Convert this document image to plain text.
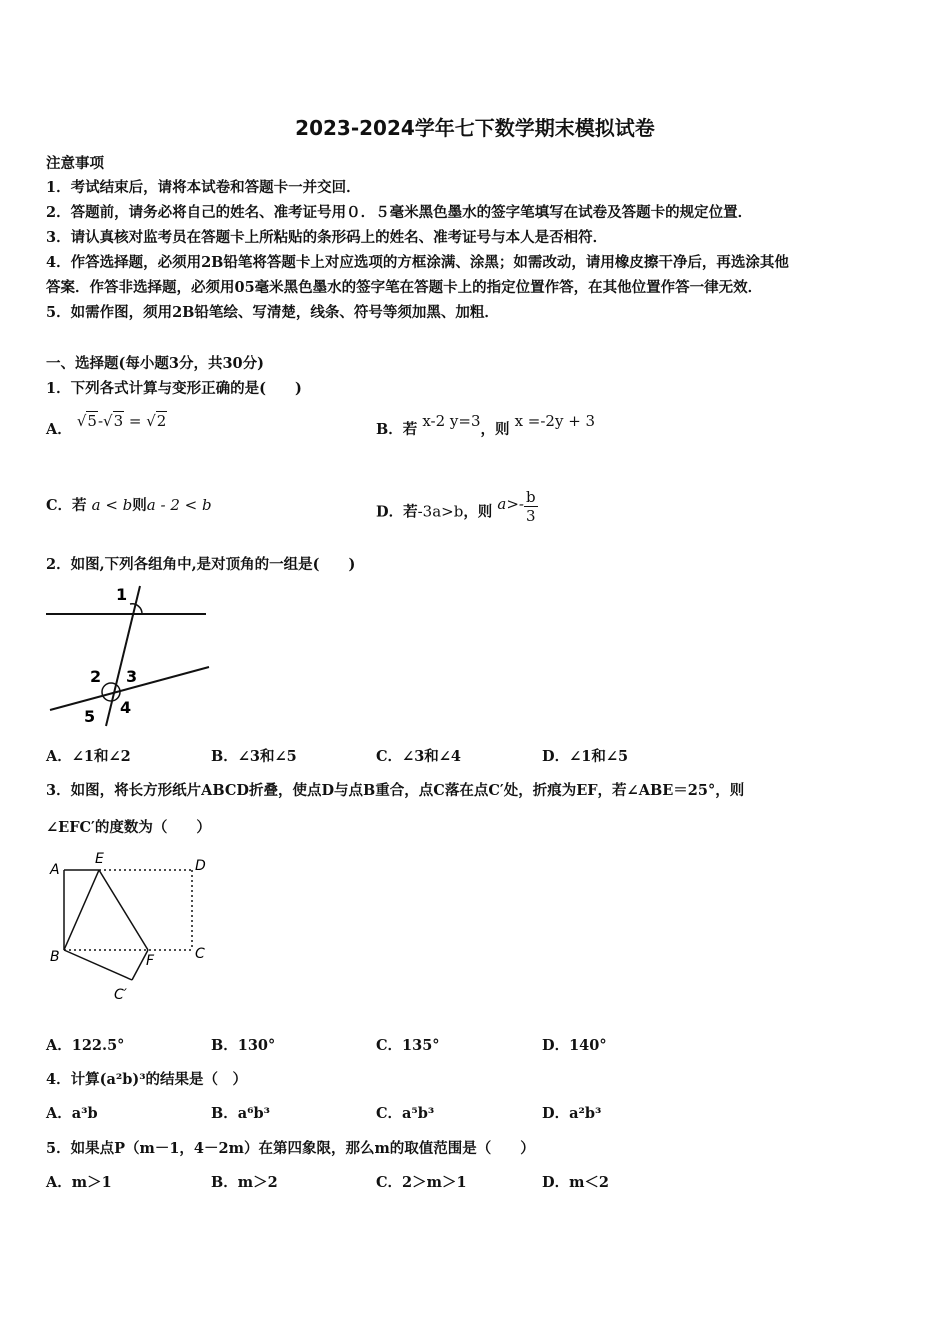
2023-2024学年七下数学期末模拟试卷
注意事项
1．考试结束后，请将本试卷和答题卡一并交回．
2．答题前，请务必将自己的姓名、准考证号用０．５毫米黑色墨水的签字笔填写在试卷及答题卡的规定位置．
3．请认真核对监考员在答题卡上所粘贴的条形码上的姓名、准考证号与本人是否相符．
4．作答选择题，必须用2B铅笔将答题卡上对应选项的方框涂满、涂黑；如需改动，请用橡皮擦干净后，再选涂其他
答案．作答非选择题，必须用05毫米黑色墨水的签字笔在答题卡上的指定位置作答，在其他位置作答一律无效．
5．如需作图，须用2B铅笔绘、写清楚，线条、符号等须加黑、加粗．
一、选择题(每小题3分，共30分)
1．下列各式计算与变形正确的是(　　)
A． √5-√3 = √2	B．若 x-2 y=3，则 x =-2y + 3
C．若 a < b则a - 2 < b	D．若-3a>b，则 $a>- \frac{b}{3}$
2．如图,下列各组角中,是对顶角的一组是(　　)
1
2 3
4
5
A．∠1和∠2	B．∠3和∠5	C．∠3和∠4	D．∠1和∠5
3．如图，将长方形纸片ABCD折叠，使点D与点B重合，点C落在点C′处，折痕为EF，若∠ABE＝25°，则
∠EFC′的度数为（　　）
A
E	D
B	F	C
C′
A．122.5°	B．130°	C．135°	D．140°
4．计算(a²b)³的结果是（　）
A．a³b	B．a⁶b³	C．a⁵b³	D．a²b³
5．如果点P（m－1，4－2m）在第四象限，那么m的取值范围是（　　）
A．m＞1	B．m＞2	C．2＞m＞1	D．m＜2
